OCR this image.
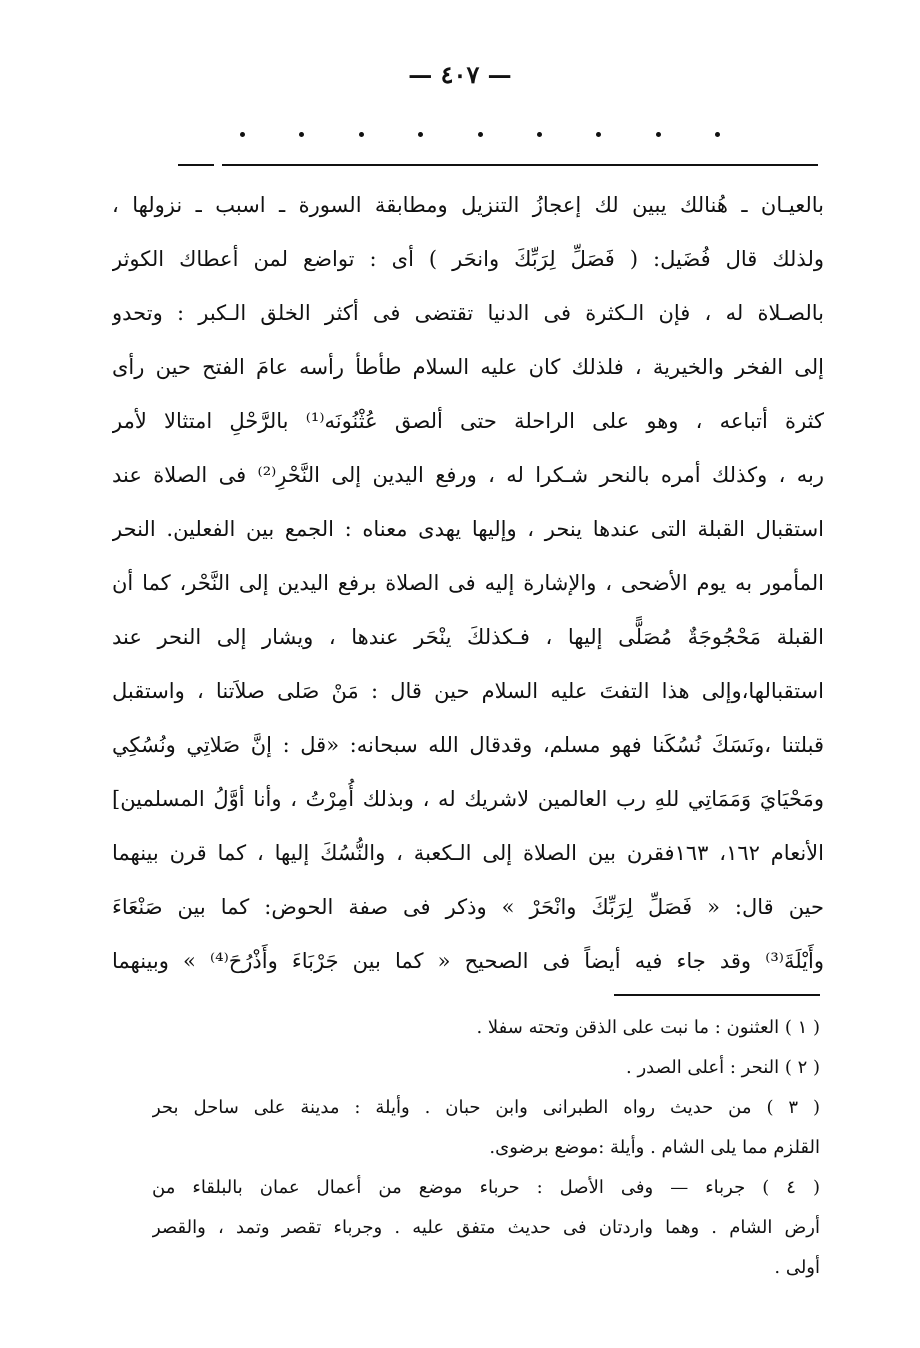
— ٤٠٧ —
بالعيـان ـ هُنالك يبين لك إعجازُ التنزيل ومطابقة السورة ـ اسبب ـ نزولها ،
ولذلك قال فُضَيل: ( فَصَلِّ لِرَبِّكَ وانحَر ) أى : تواضع لمن أعطاك الكوثر
بالصـلاة له ، فإن الـكثرة فى الدنيا تقتضى فى أكثر الخلق الـكبر : وتحدو
إلى الفخر والخيرية ، فلذلك كان عليه السلام طأطأ رأسه عامَ الفتح حين رأى
كثرة أتباعه ، وهو على الراحلة حتى ألصق عُثْنُونَه⁽¹⁾ بالرَّحْلِ امتثالا لأمر
ربه ، وكذلك أمره بالنحر شـكرا له ، ورفع اليدين إلى النَّحْرِ⁽²⁾ فى الصلاة عند
استقبال القبلة التى عندها ينحر ، وإليها يهدى معناه : الجمع بين الفعلين. النحر
المأمور به يوم الأضحى ، والإشارة إليه فى الصلاة برفع اليدين إلى النَّحْر، كما أن
القبلة مَحْجُوجَةٌ مُصَلًّى إليها ، فـكذلكَ ينْحَر عندها ، ويشار إلى النحر عند
استقبالها،وإلى هذا التفتَ عليه السلام حين قال : مَنْ صَلى صلاَتنا ، واستقبل
قبلتنا ،ونَسَكَ نُسُكَنا فهو مسلم، وقدقال الله سبحانه: «قل : إنَّ صَلاتِي ونُسُكِي
ومَحْيَايَ وَمَمَاتِي للهِ رب العالمين لاشريك له ، وبذلك أُمِرْتُ ، وأنا أوَّلُ المسلمين]
الأنعام ١٦٢، ١٦٣فقرن بين الصلاة إلى الـكعبة ، والنُّسُكَ إليها ، كما قرن بينهما
حين قال: « فَصَلِّ لِرَبِّكَ وانْحَرْ » وذكر فى صفة الحوض: كما بين صَنْعَاءَ
وأَيْلَةَ⁽³⁾ وقد جاء فيه أيضاً فى الصحيح « كما بين جَرْبَاءَ وأَذْرُحَ⁽⁴⁾ » وبينهما
( ١ ) العثنون : ما نبت على الذقن وتحته سفلا .
( ٢ ) النحر : أعلى الصدر .
( ٣ ) من حديث رواه الطبرانى وابن حبان . وأيلة : مدينة على ساحل بحر
القلزم مما يلى الشام . وأيلة :موضع برضوى.
( ٤ ) جرباء — وفى الأصل : حرباء موضع من أعمال عمان بالبلقاء من
أرض الشام . وهما واردتان فى حديث متفق عليه . وجرباء تقصر وتمد ، والقصر
أولى .
